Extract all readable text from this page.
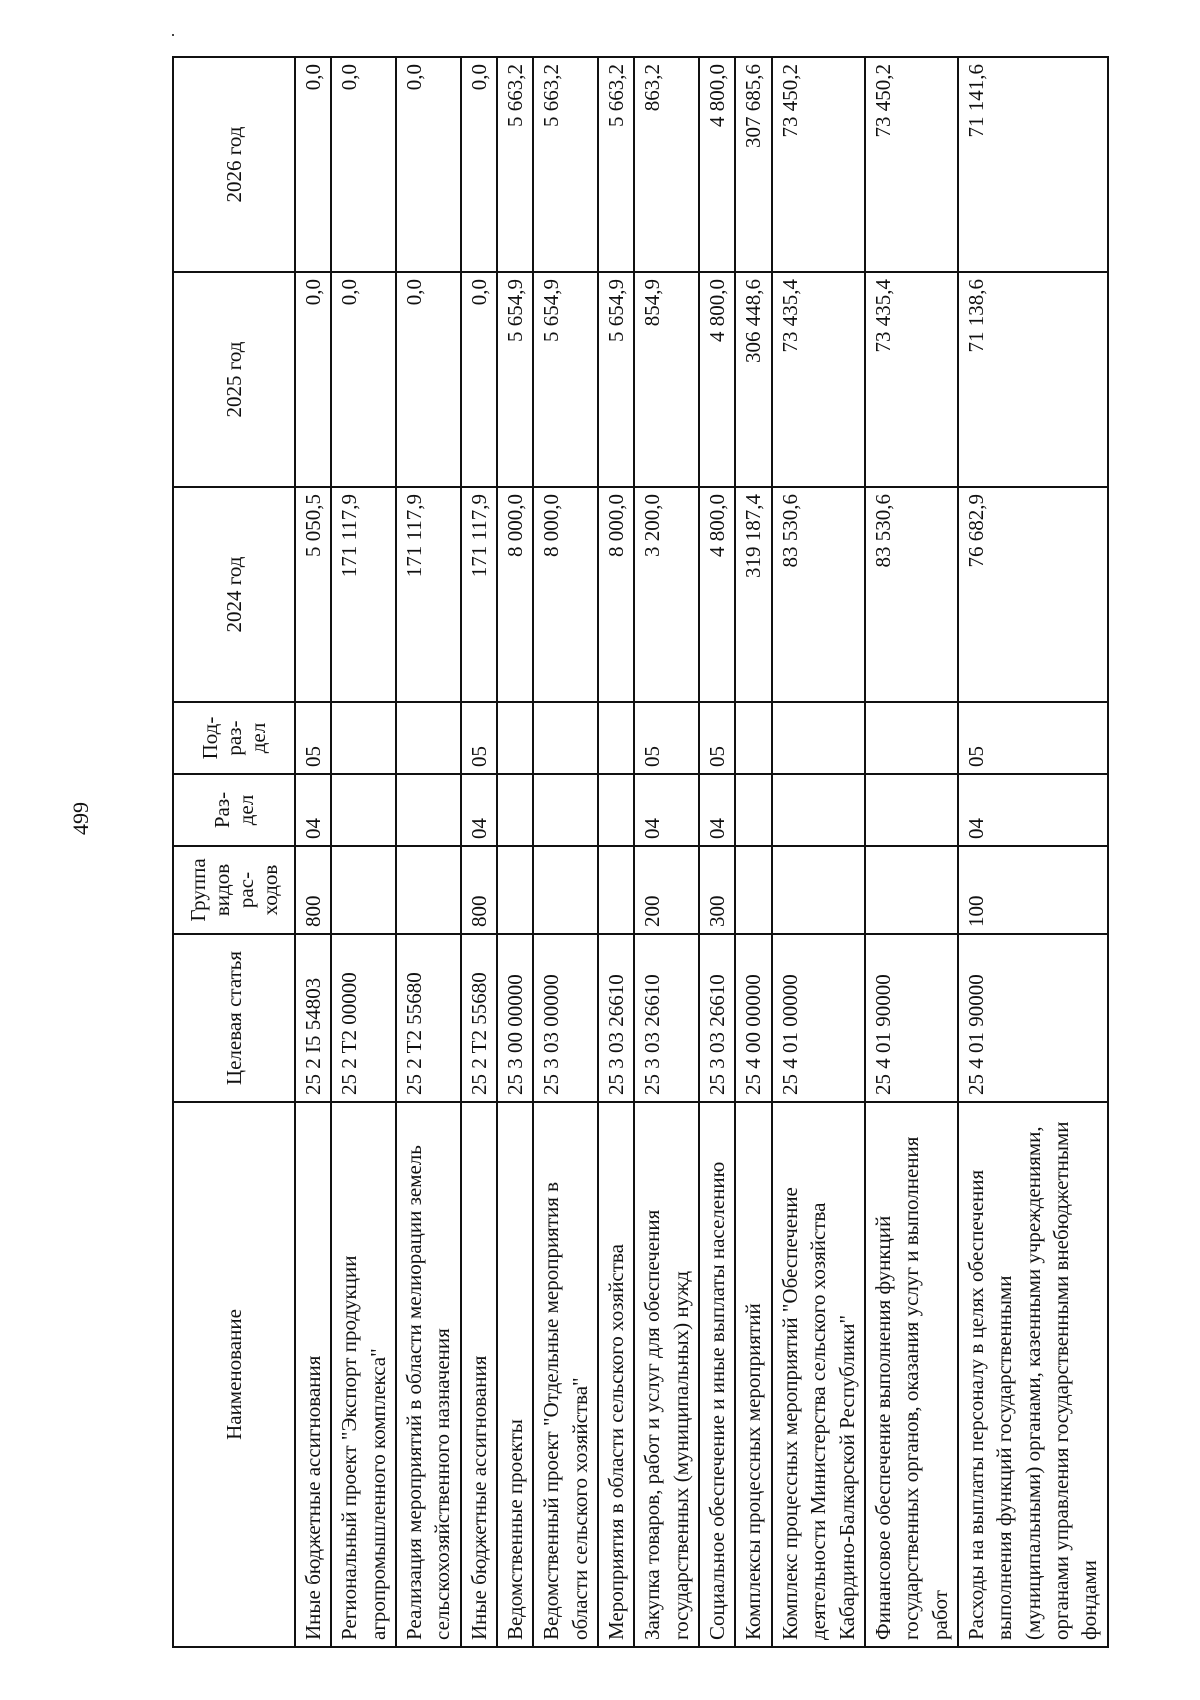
499
Наименование	Целевая статья	Группа видов рас-ходов	Раз-дел	Под-раз-дел	2024 год	2025 год	2026 год
Иные бюджетные ассигнования	25 2 I5 54803	800	04	05	5 050,5	0,0	0,0
Региональный проект "Экспорт продукции агропромышленного комплекса"	25 2 T2 00000				171 117,9	0,0	0,0
Реализация мероприятий в области мелиорации земель сельскохозяйственного назначения	25 2 T2 55680				171 117,9	0,0	0,0
Иные бюджетные ассигнования	25 2 T2 55680	800	04	05	171 117,9	0,0	0,0
Ведомственные проекты	25 3 00 00000				8 000,0	5 654,9	5 663,2
Ведомственный проект "Отдельные мероприятия в области сельского хозяйства"	25 3 03 00000				8 000,0	5 654,9	5 663,2
Мероприятия в области сельского хозяйства	25 3 03 26610				8 000,0	5 654,9	5 663,2
Закупка товаров, работ и услуг для обеспечения государственных (муниципальных) нужд	25 3 03 26610	200	04	05	3 200,0	854,9	863,2
Социальное обеспечение и иные выплаты населению	25 3 03 26610	300	04	05	4 800,0	4 800,0	4 800,0
Комплексы процессных мероприятий	25 4 00 00000				319 187,4	306 448,6	307 685,6
Комплекс процессных мероприятий "Обеспечение деятельности Министерства сельского хозяйства Кабардино-Балкарской Республики"	25 4 01 00000				83 530,6	73 435,4	73 450,2
Финансовое обеспечение выполнения функций государственных органов, оказания услуг и выполнения работ	25 4 01 90000				83 530,6	73 435,4	73 450,2
Расходы на выплаты персоналу в целях обеспечения выполнения функций государственными (муниципальными) органами, казенными учреждениями, органами управления государственными внебюджетными фондами	25 4 01 90000	100	04	05	76 682,9	71 138,6	71 141,6
